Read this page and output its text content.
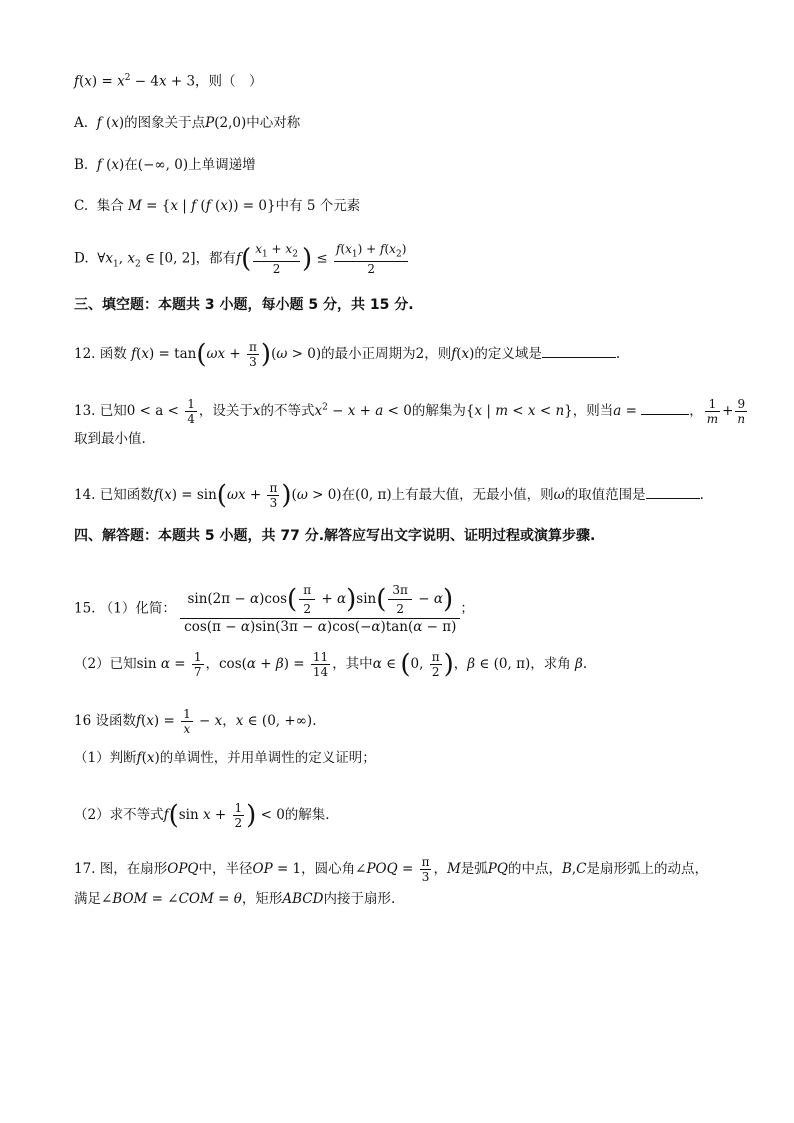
$f(x) = x^2 - 4x + 3$，则（　）
A. f (x)的图象关于点P(2,0)中心对称
B. f (x)在(−∞, 0)上单调递增
C. 集合 M = {x | f (f (x)) = 0}中有 5 个元素
D.  $\forall x_1$, $x_2$ ∈ [0, 2]，都有$f( \frac{x_1 + x_2}{2}$ ) ≤ $\frac{f(x_1) + f(x_2)}{2}$
三、填空题：本题共 3 小题，每小题 5 分，共 15 分.
12. 函数 $f(x) = \tan(\omega x + \frac{\pi}{3} )(\omega > 0)$的最小正周期为2，则f(x)的定义域是	.
13. 已知$0 < a < \frac{1}{4}$ ，设关于x的不等式$x^2 - x + a < 0$的解集为{x | m < x < n}，则当a =	， $\frac{1}{m} + \frac{9}{n}$
取到最小值.
14. 已知函数$f(x) = \sin(\omega x + \frac{\pi}{3} )(\omega > 0)$在(0, π)上有最大值，无最小值，则ω的取值范围是	.
四、解答题：本题共 5 小题，共 77 分.解答应写出文字说明、证明过程或演算步骤.
15. （1）化简： $\frac{\sin(2\pi - \alpha)\cos( \frac{\pi}{2} + \alpha)\sin( \frac{3\pi}{2} - \alpha)}{\cos(\pi - \alpha)\sin(3\pi - \alpha)\cos(-\alpha)\tan(\alpha - \pi)}$ ；
（2）已知$\sin \alpha = \frac{1}{7}$ ，$\cos(\alpha + \beta) = \frac{11}{14}$ ，其中α ∈ (0, $\frac{\pi}{2}$ )，β ∈ (0, π)，求角 β.
16 设函数$f(x) = \frac{1}{x} - x$，x ∈ (0, +∞).
（1）判断f(x)的单调性，并用单调性的定义证明；
（2）求不等式f(sin $x + \frac{1}{2}$ ) < 0的解集.
17. 图，在扇形OPQ中，半径OP = 1，圆心角∠POQ = $\frac{\pi}{3}$ ，M是弧PQ的中点，B,C是扇形弧上的动点，
满足∠BOM = ∠COM = θ，矩形ABCD内接于扇形.
